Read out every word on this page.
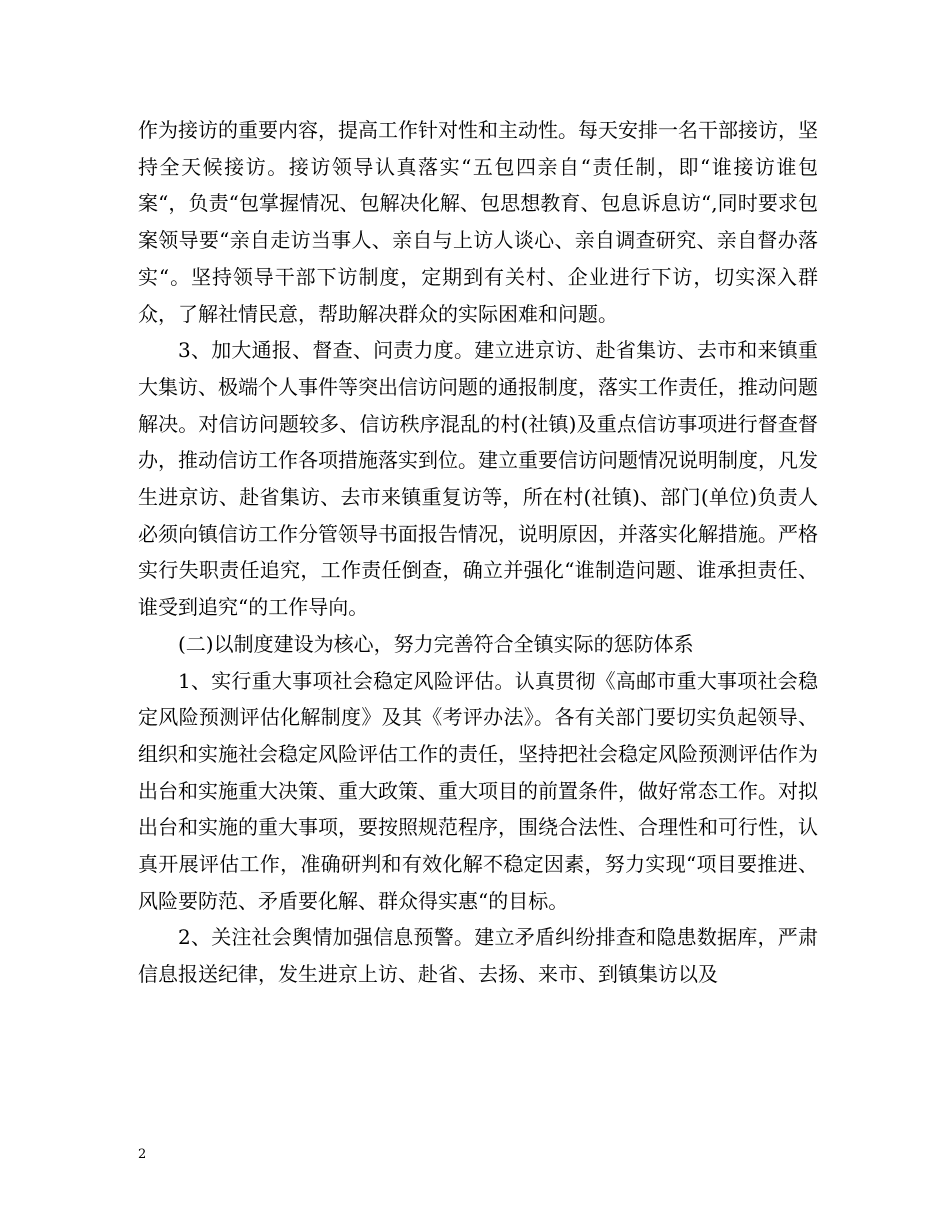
作为接访的重要内容，提高工作针对性和主动性。每天安排一名干部接访，坚持全天候接访。接访领导认真落实“五包四亲自“责任制，即“谁接访谁包案“，负责“包掌握情况、包解决化解、包思想教育、包息诉息访“,同时要求包案领导要“亲自走访当事人、亲自与上访人谈心、亲自调查研究、亲自督办落实“。坚持领导干部下访制度，定期到有关村、企业进行下访，切实深入群众，了解社情民意，帮助解决群众的实际困难和问题。

3、加大通报、督查、问责力度。建立进京访、赴省集访、去市和来镇重大集访、极端个人事件等突出信访问题的通报制度，落实工作责任，推动问题解决。对信访问题较多、信访秩序混乱的村(社镇)及重点信访事项进行督查督办，推动信访工作各项措施落实到位。建立重要信访问题情况说明制度，凡发生进京访、赴省集访、去市来镇重复访等，所在村(社镇)、部门(单位)负责人必须向镇信访工作分管领导书面报告情况，说明原因，并落实化解措施。严格实行失职责任追究，工作责任倒查，确立并强化“谁制造问题、谁承担责任、谁受到追究“的工作导向。

(二)以制度建设为核心，努力完善符合全镇实际的惩防体系

1、实行重大事项社会稳定风险评估。认真贯彻《高邮市重大事项社会稳定风险预测评估化解制度》及其《考评办法》。各有关部门要切实负起领导、组织和实施社会稳定风险评估工作的责任，坚持把社会稳定风险预测评估作为出台和实施重大决策、重大政策、重大项目的前置条件，做好常态工作。对拟出台和实施的重大事项，要按照规范程序，围绕合法性、合理性和可行性，认真开展评估工作，准确研判和有效化解不稳定因素，努力实现“项目要推进、风险要防范、矛盾要化解、群众得实惠“的目标。

2、关注社会舆情加强信息预警。建立矛盾纠纷排查和隐患数据库，严肃信息报送纪律，发生进京上访、赴省、去扬、来市、到镇集访以及

2
